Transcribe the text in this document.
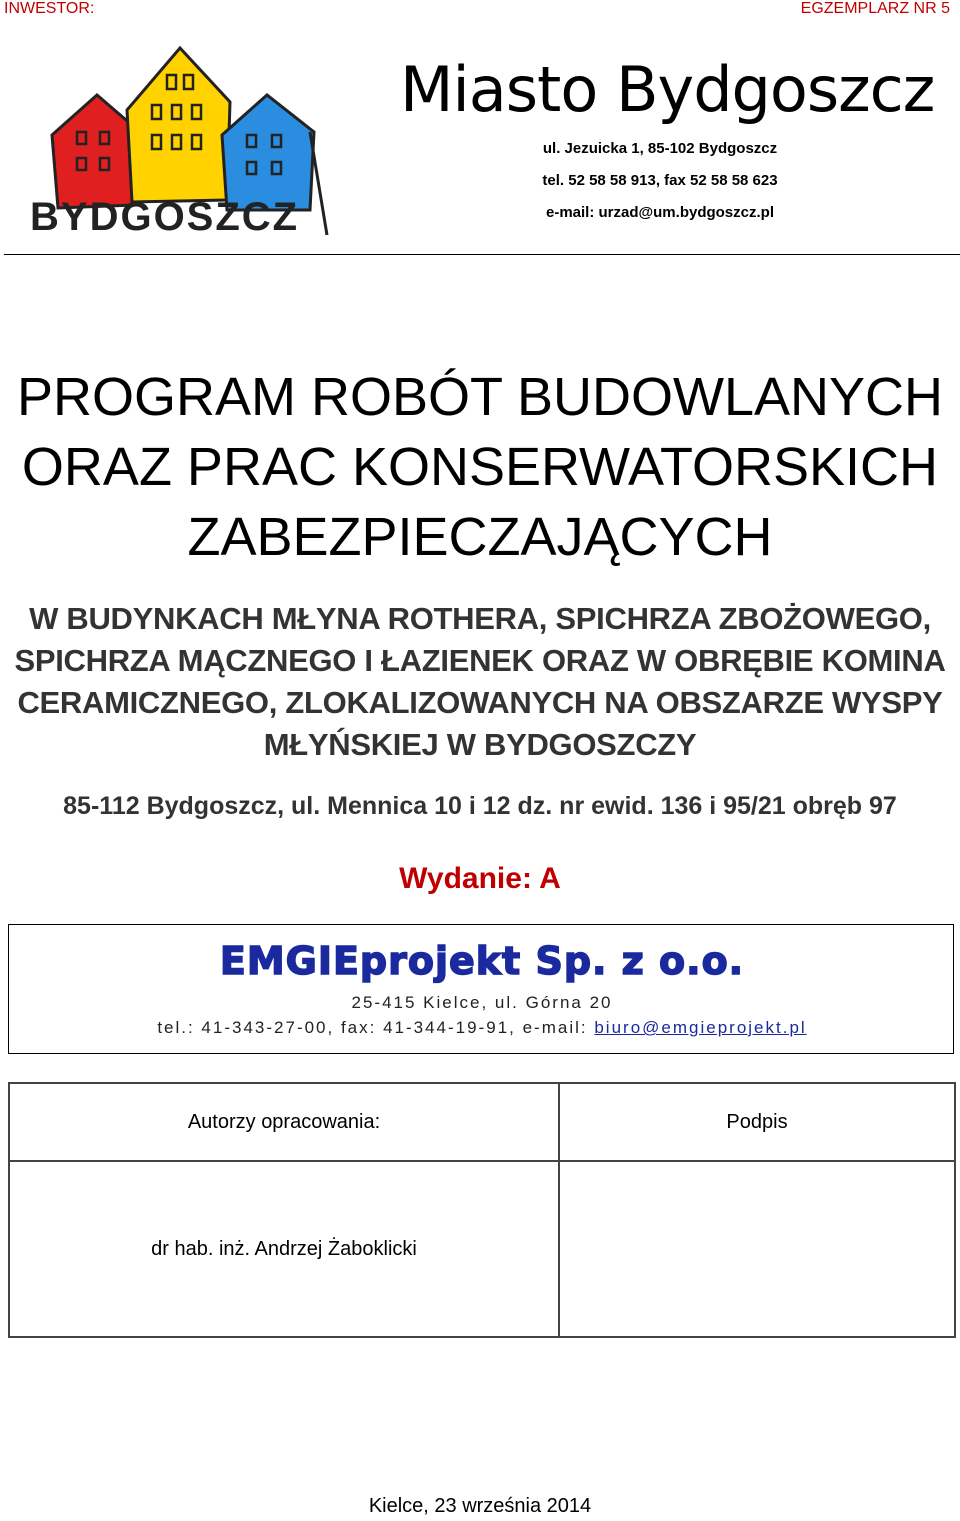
INWESTOR:	EGZEMPLARZ NR 5
BYDGOSZCZ
Miasto Bydgoszcz
ul. Jezuicka 1, 85-102 Bydgoszcz
tel. 52 58 58 913, fax 52 58 58 623
e-mail: urzad@um.bydgoszcz.pl
PROGRAM ROBÓT BUDOWLANYCH
ORAZ PRAC KONSERWATORSKICH
ZABEZPIECZAJĄCYCH
W BUDYNKACH MŁYNA ROTHERA, SPICHRZA ZBOŻOWEGO,
SPICHRZA MĄCZNEGO I ŁAZIENEK ORAZ W OBRĘBIE KOMINA
CERAMICZNEGO, ZLOKALIZOWANYCH NA OBSZARZE WYSPY
MŁYŃSKIEJ W BYDGOSZCZY
85-112 Bydgoszcz, ul. Mennica 10 i 12 dz. nr ewid. 136 i 95/21 obręb 97
Wydanie: A
EMGIEprojekt Sp. z o.o.
25-415 Kielce, ul. Górna 20
tel.: 41-343-27-00, fax: 41-344-19-91, e-mail: biuro@emgieprojekt.pl
Autorzy opracowania:	Podpis
dr hab. inż. Andrzej Żaboklicki	
Kielce, 23 września 2014
